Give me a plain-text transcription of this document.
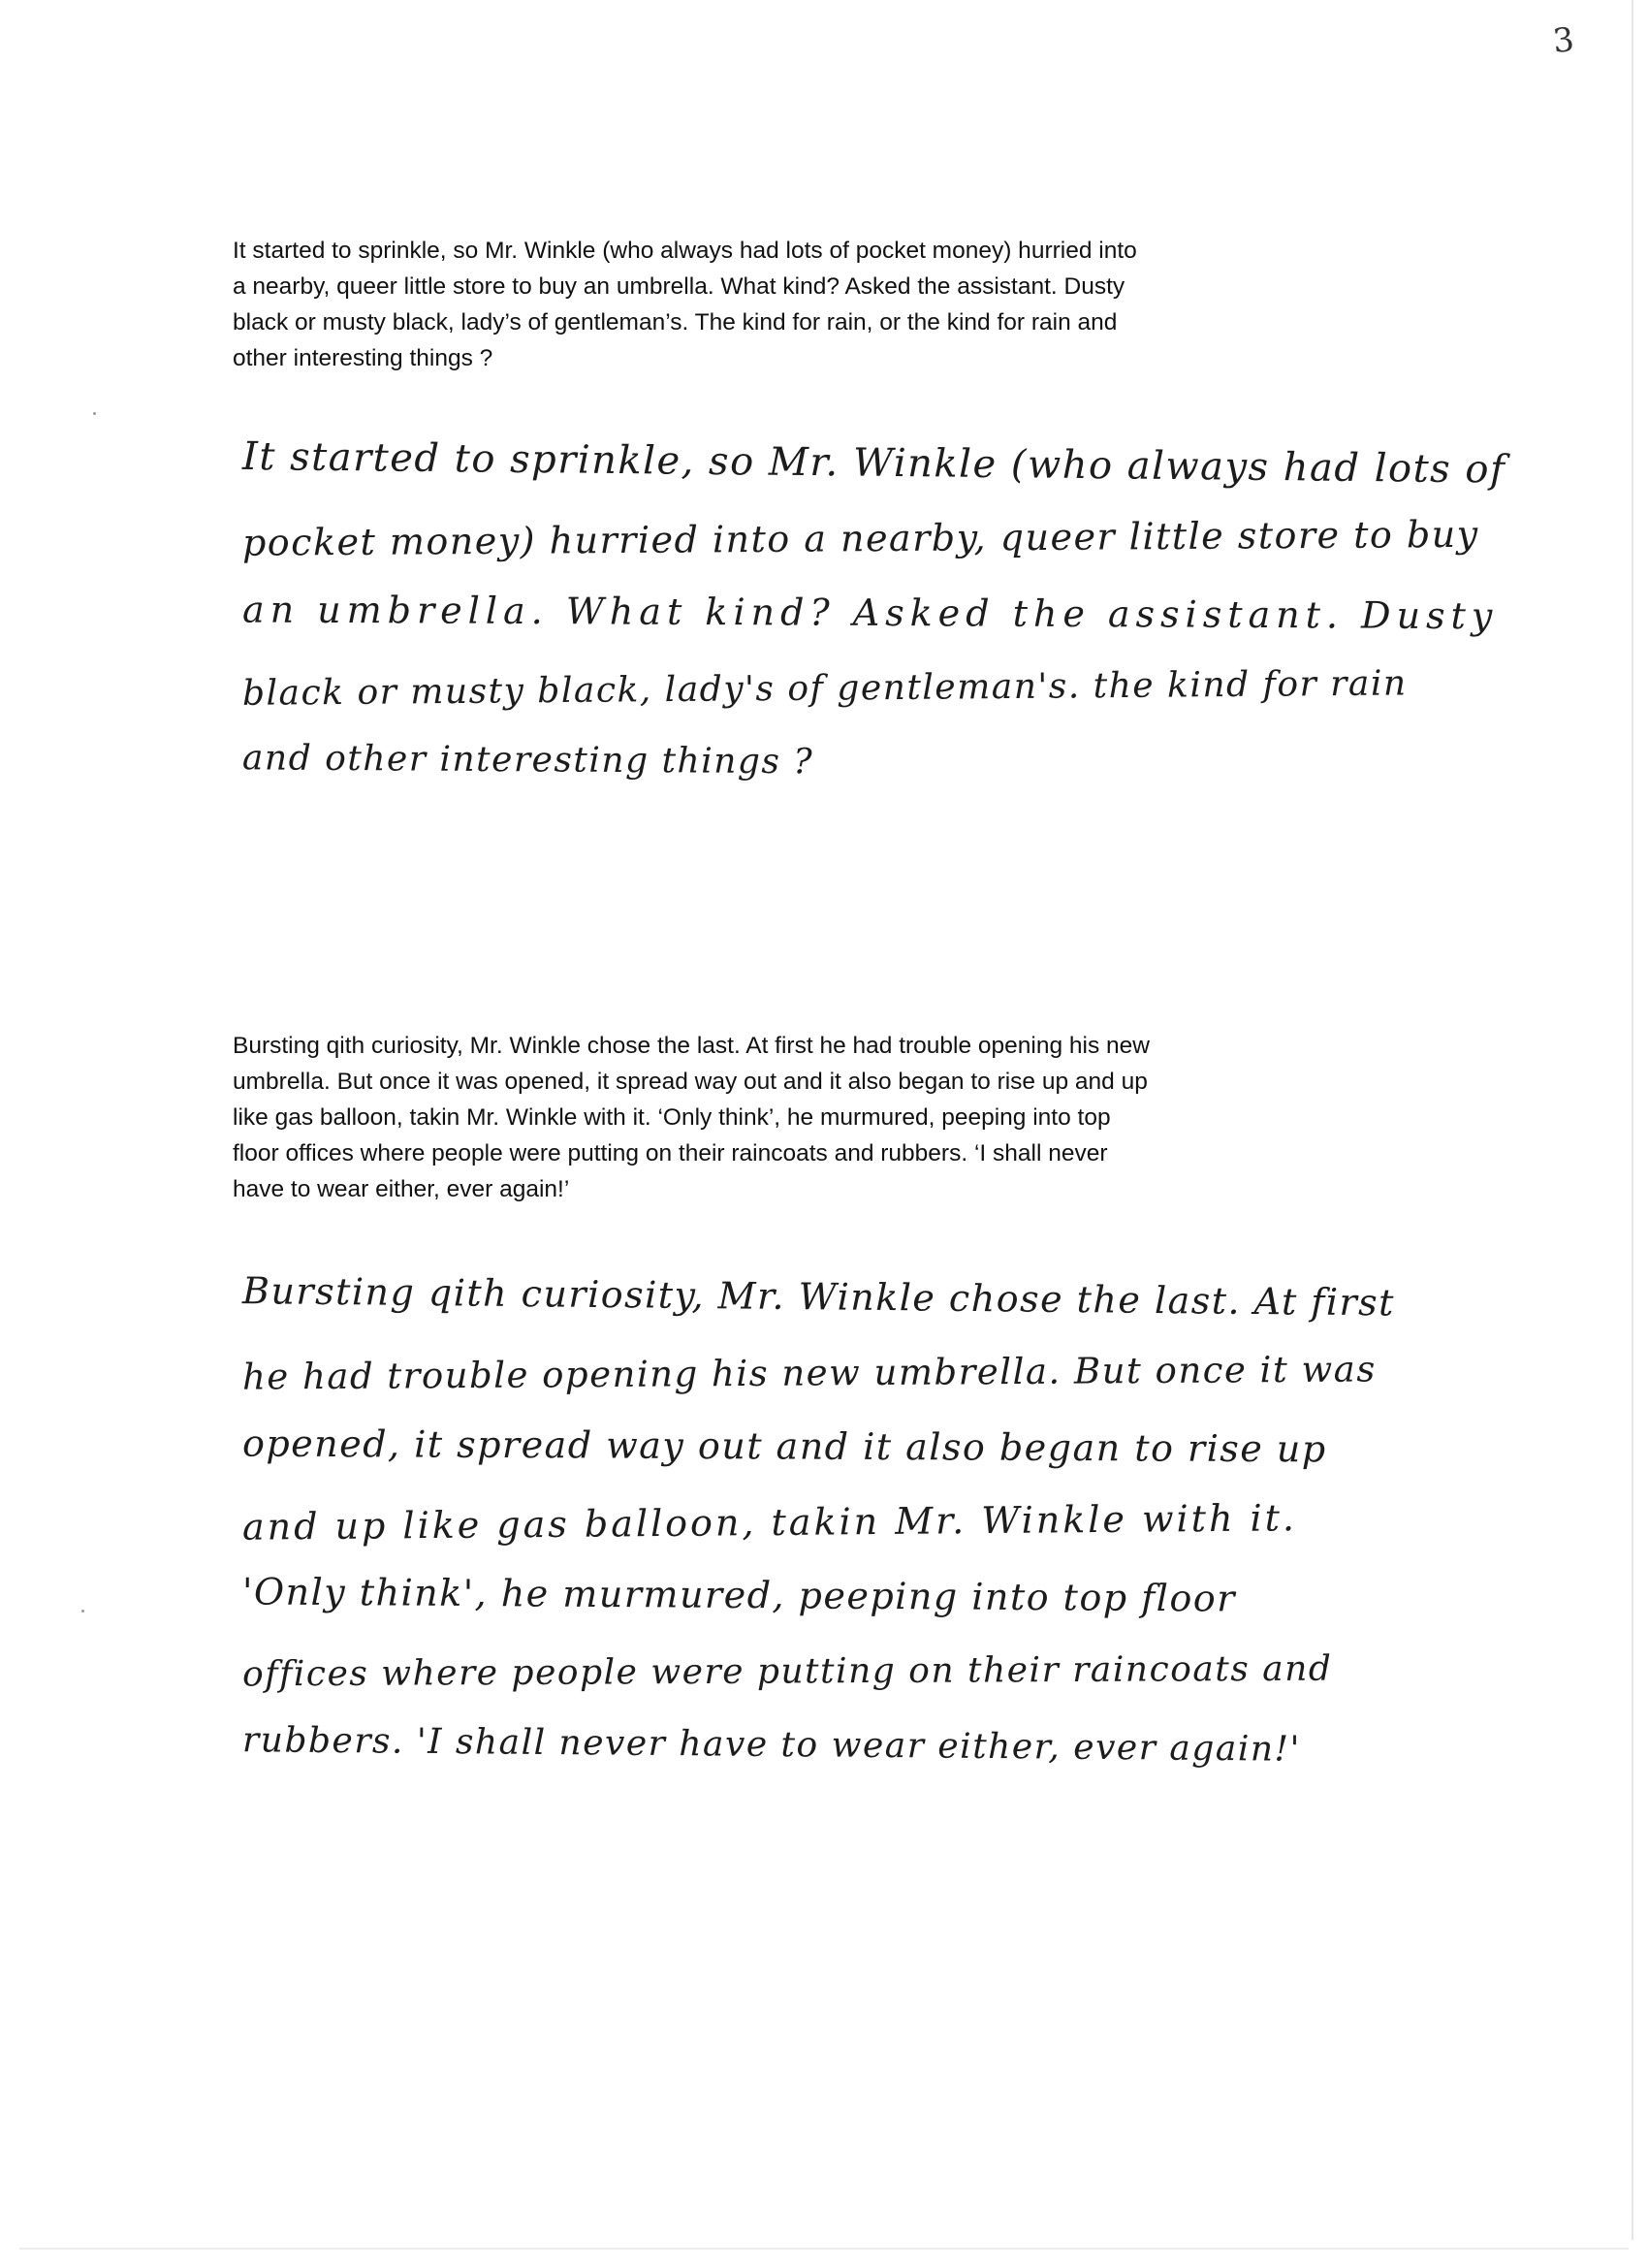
3
It started to sprinkle, so Mr. Winkle (who always had lots of pocket money) hurried into
a nearby, queer little store to buy an umbrella. What kind? Asked the assistant. Dusty
black or musty black, lady’s of gentleman’s. The kind for rain, or the kind for rain and
other interesting things ?
It started to sprinkle, so Mr. Winkle (who always had lots of
pocket money) hurried into a nearby, queer little store to buy
an umbrella. What kind? Asked the assistant. Dusty
black or musty black, lady's of gentleman's. the kind for rain
and other interesting things ?
Bursting qith curiosity, Mr. Winkle chose the last. At first he had trouble opening his new
umbrella. But once it was opened, it spread way out and it also began to rise up and up
like gas balloon, takin Mr. Winkle with it. ‘Only think’, he murmured, peeping into top
floor offices where people were putting on their raincoats and rubbers. ‘I shall never
have to wear either, ever again!’
Bursting qith curiosity, Mr. Winkle chose the last. At first
he had trouble opening his new umbrella. But once it was
opened, it spread way out and it also began to rise up
and up like gas balloon, takin Mr. Winkle with it.
'Only think', he murmured, peeping into top floor
offices where people were putting on their raincoats and
rubbers. 'I shall never have to wear either, ever again!'
